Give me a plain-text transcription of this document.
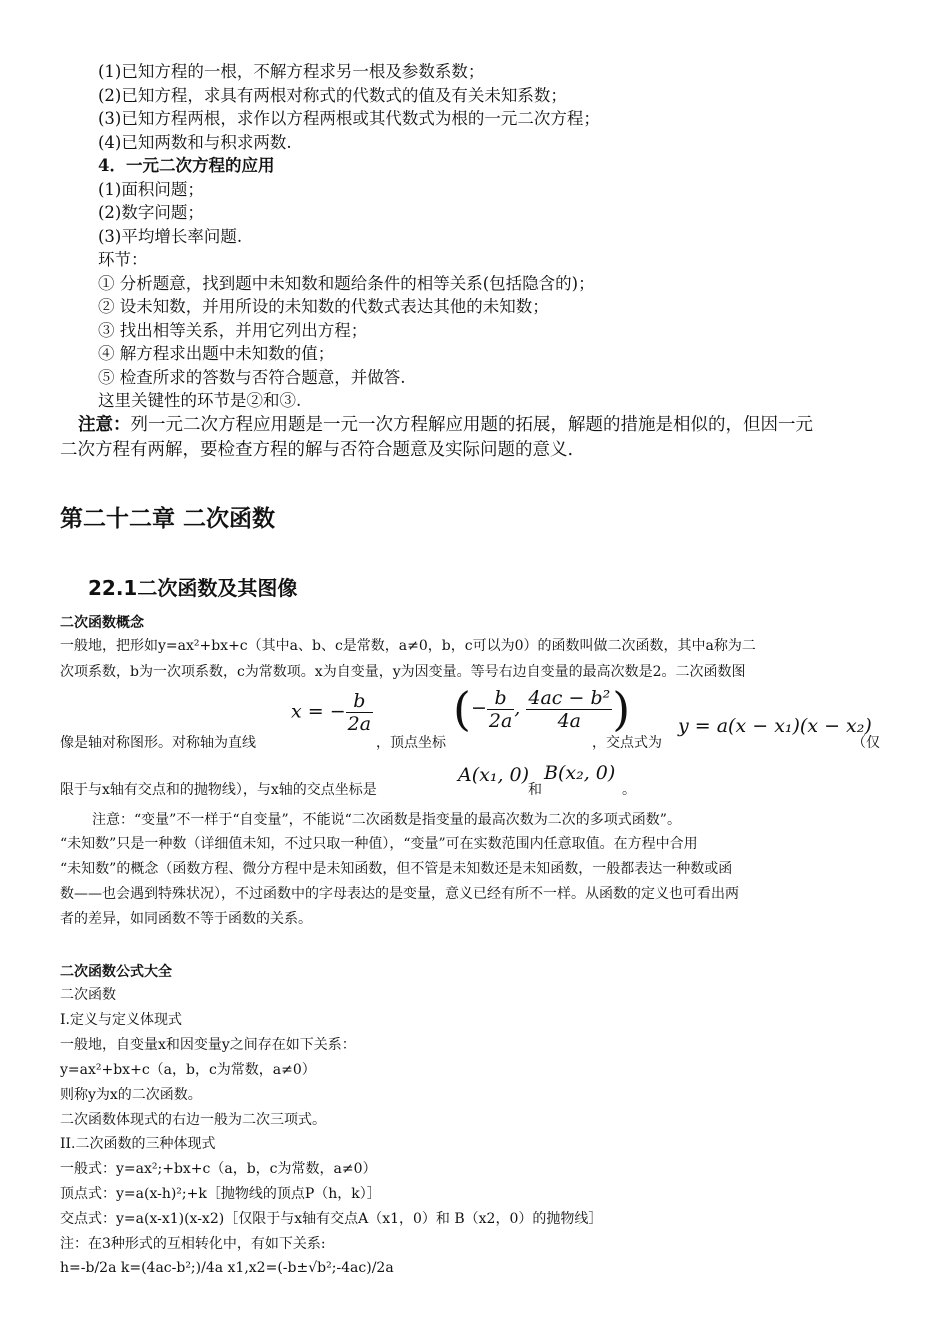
(1)已知方程的一根，不解方程求另一根及参数系数；
(2)已知方程，求具有两根对称式的代数式的值及有关未知系数；
(3)已知方程两根，求作以方程两根或其代数式为根的一元二次方程；
(4)已知两数和与积求两数.
4．一元二次方程的应用
(1)面积问题；
(2)数字问题；
(3)平均增长率问题.
环节：
① 分析题意，找到题中未知数和题给条件的相等关系(包括隐含的)；
② 设未知数，并用所设的未知数的代数式表达其他的未知数；
③ 找出相等关系，并用它列出方程；
④ 解方程求出题中未知数的值；
⑤ 检查所求的答数与否符合题意，并做答.
这里关键性的环节是②和③.
注意：列一元二次方程应用题是一元一次方程解应用题的拓展，解题的措施是相似的，但因一元
二次方程有两解，要检查方程的解与否符合题意及实际问题的意义.
第二十二章 二次函数
22.1二次函数及其图像
二次函数概念
一般地，把形如y=ax²+bx+c（其中a、b、c是常数，a≠0，b，c可以为0）的函数叫做二次函数，其中a称为二
次项系数，b为一次项系数，c为常数项。x为自变量，y为因变量。等号右边自变量的最高次数是2。二次函数图
像是轴对称图形。对称轴为直线	，顶点坐标	，交点式为	（仅
x = − $\frac{b}{2a}$ (− $\frac{b}{2a}$ , $\frac{\text{4ac − b²}}{4a}$ )	y = a(x − x₁)(x − x₂)
限于与x轴有交点和的抛物线），与x轴的交点坐标是
A(x₁, 0)
和
B(x₂, 0)
。
注意：“变量”不一样于“自变量”，不能说“二次函数是指变量的最高次数为二次的多项式函数”。
“未知数”只是一种数（详细值未知，不过只取一种值），“变量”可在实数范围内任意取值。在方程中合用
“未知数”的概念（函数方程、微分方程中是未知函数，但不管是未知数还是未知函数，一般都表达一种数或函
数——也会遇到特殊状况），不过函数中的字母表达的是变量，意义已经有所不一样。从函数的定义也可看出两
者的差异，如同函数不等于函数的关系。
二次函数公式大全
二次函数
I.定义与定义体现式
一般地，自变量x和因变量y之间存在如下关系：
y=ax²+bx+c（a，b，c为常数，a≠0）
则称y为x的二次函数。
二次函数体现式的右边一般为二次三项式。
II.二次函数的三种体现式
一般式：y=ax²;+bx+c（a，b，c为常数，a≠0）
顶点式：y=a(x-h)²;+k［抛物线的顶点P（h，k）］
交点式：y=a(x-x1)(x-x2)［仅限于与x轴有交点A（x1，0）和 B（x2，0）的抛物线］
注：在3种形式的互相转化中，有如下关系:
h=-b/2a k=(4ac-b²;)/4a x1,x2=(-b±√b²;-4ac)/2a
